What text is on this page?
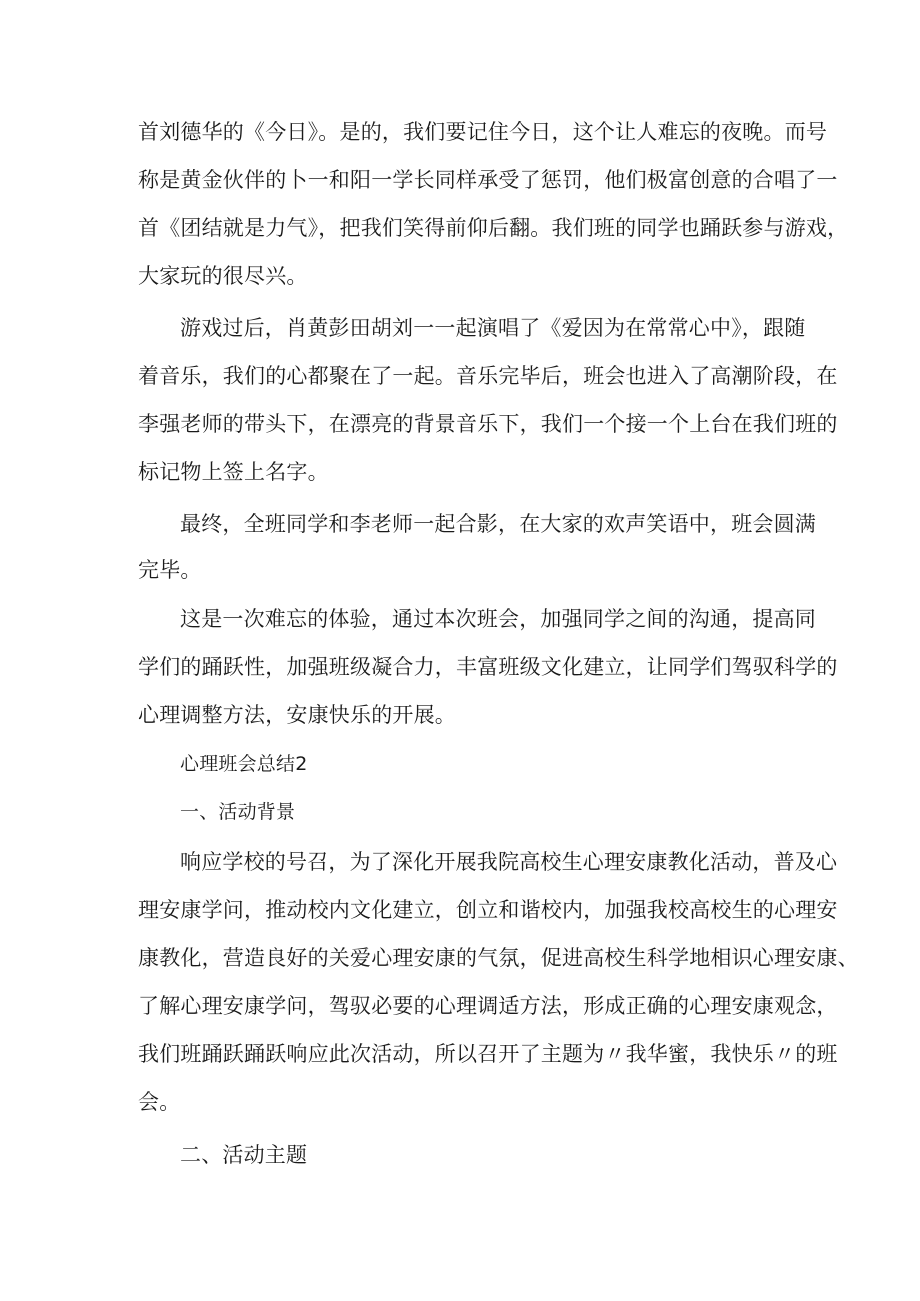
首刘德华的《今日》。是的，我们要记住今日，这个让人难忘的夜晚。而号
称是黄金伙伴的卜一和阳一学长同样承受了惩罚，他们极富创意的合唱了一
首《团结就是力气》，把我们笑得前仰后翻。我们班的同学也踊跃参与游戏，
大家玩的很尽兴。
游戏过后，肖黄彭田胡刘一一起演唱了《爱因为在常常心中》，跟随
着音乐，我们的心都聚在了一起。音乐完毕后，班会也进入了高潮阶段，在
李强老师的带头下，在漂亮的背景音乐下，我们一个接一个上台在我们班的
标记物上签上名字。
最终，全班同学和李老师一起合影，在大家的欢声笑语中，班会圆满
完毕。
这是一次难忘的体验，通过本次班会，加强同学之间的沟通，提高同
学们的踊跃性，加强班级凝合力，丰富班级文化建立，让同学们驾驭科学的
心理调整方法，安康快乐的开展。
心理班会总结2
一、活动背景
响应学校的号召，为了深化开展我院高校生心理安康教化活动，普及心
理安康学问，推动校内文化建立，创立和谐校内，加强我校高校生的心理安
康教化，营造良好的关爱心理安康的气氛，促进高校生科学地相识心理安康、
了解心理安康学问，驾驭必要的心理调适方法，形成正确的心理安康观念，
我们班踊跃踊跃响应此次活动，所以召开了主题为〃我华蜜，我快乐〃的班
会。
二、活动主题
